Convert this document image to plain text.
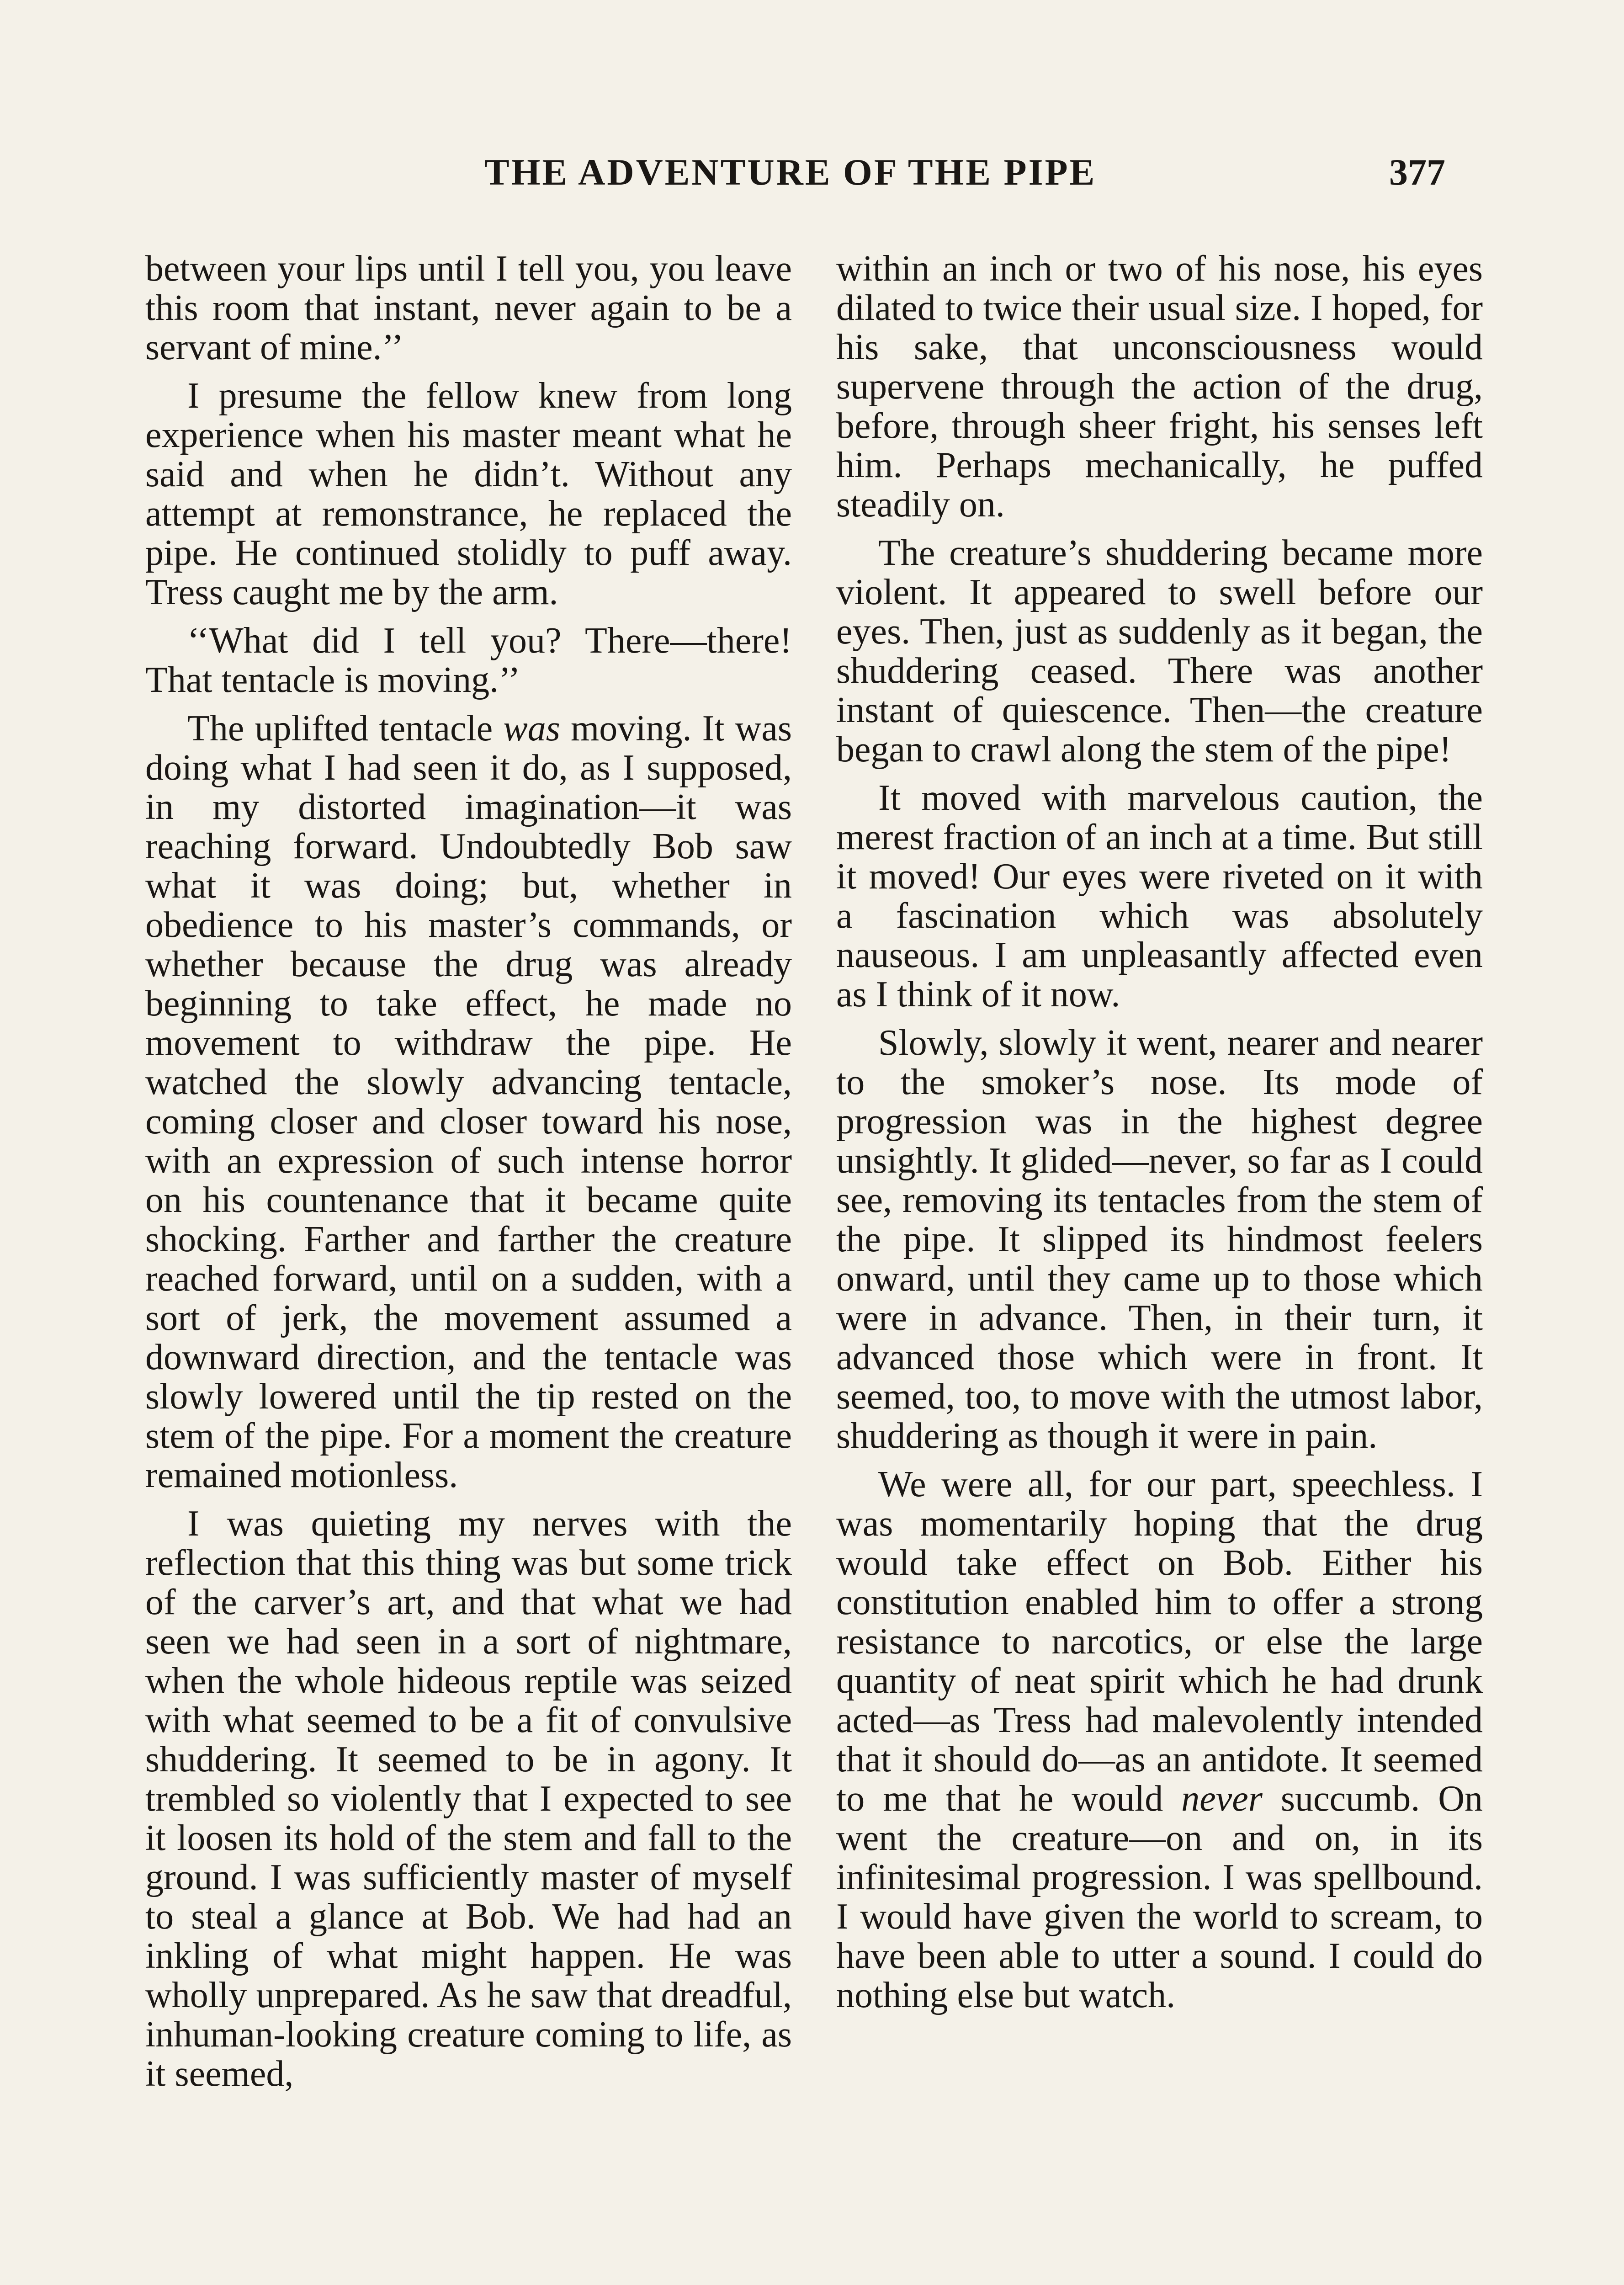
THE ADVENTURE OF THE PIPE	377

between your lips until I tell you, you leave this room that instant, never again to be a servant of mine.’’

I presume the fellow knew from long experience when his master meant what he said and when he didn’t. Without any attempt at remonstrance, he replaced the pipe. He continued stolidly to puff away. Tress caught me by the arm.

‘‘What did I tell you? There—there! That tentacle is moving.’’

The uplifted tentacle was moving. It was doing what I had seen it do, as I supposed, in my distorted imagination—it was reaching forward. Undoubtedly Bob saw what it was doing; but, whether in obedience to his master’s commands, or whether because the drug was already beginning to take effect, he made no movement to withdraw the pipe. He watched the slowly advancing tentacle, coming closer and closer toward his nose, with an expression of such intense horror on his countenance that it became quite shocking. Farther and farther the creature reached forward, until on a sudden, with a sort of jerk, the movement assumed a downward direction, and the tentacle was slowly lowered until the tip rested on the stem of the pipe. For a moment the creature remained motionless.

I was quieting my nerves with the reflection that this thing was but some trick of the carver’s art, and that what we had seen we had seen in a sort of nightmare, when the whole hideous reptile was seized with what seemed to be a fit of convulsive shuddering. It seemed to be in agony. It trembled so violently that I expected to see it loosen its hold of the stem and fall to the ground. I was sufficiently master of myself to steal a glance at Bob. We had had an inkling of what might happen. He was wholly unprepared. As he saw that dreadful, inhuman-looking creature coming to life, as it seemed,

within an inch or two of his nose, his eyes dilated to twice their usual size. I hoped, for his sake, that unconsciousness would supervene through the action of the drug, before, through sheer fright, his senses left him. Perhaps mechanically, he puffed steadily on.

The creature’s shuddering became more violent. It appeared to swell before our eyes. Then, just as suddenly as it began, the shuddering ceased. There was another instant of quiescence. Then—the creature began to crawl along the stem of the pipe!

It moved with marvelous caution, the merest fraction of an inch at a time. But still it moved! Our eyes were riveted on it with a fascination which was absolutely nauseous. I am unpleasantly affected even as I think of it now.

Slowly, slowly it went, nearer and nearer to the smoker’s nose. Its mode of progression was in the highest degree unsightly. It glided—never, so far as I could see, removing its tentacles from the stem of the pipe. It slipped its hindmost feelers onward, until they came up to those which were in advance. Then, in their turn, it advanced those which were in front. It seemed, too, to move with the utmost labor, shuddering as though it were in pain.

We were all, for our part, speechless. I was momentarily hoping that the drug would take effect on Bob. Either his constitution enabled him to offer a strong resistance to narcotics, or else the large quantity of neat spirit which he had drunk acted—as Tress had malevolently intended that it should do—as an antidote. It seemed to me that he would never succumb. On went the creature—on and on, in its infinitesimal progression. I was spellbound. I would have given the world to scream, to have been able to utter a sound. I could do nothing else but watch.
